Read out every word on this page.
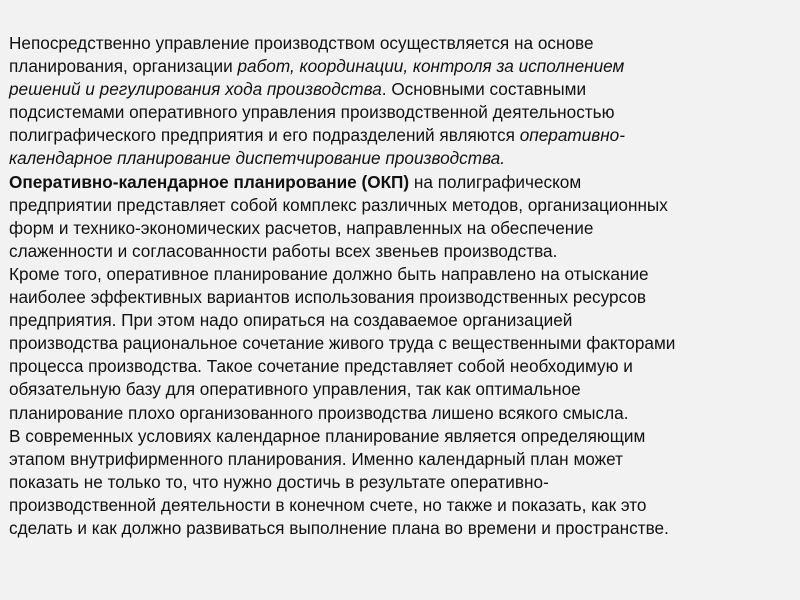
Непосредственно управление производством осуществляется на основе
планирования, организации работ, координации, контроля за исполнением
решений и регулирования хода производства. Основными составными
подсистемами оперативного управления производственной деятельностью
полиграфического предприятия и его подразделений являются оперативно-
календарное планирование диспетчирование производства.
Оперативно-календарное планирование (ОКП) на полиграфическом
предприятии представляет собой комплекс различных методов, организационных
форм и технико-экономических расчетов, направленных на обеспечение
слаженности и согласованности работы всех звеньев производства.
Кроме того, оперативное планирование должно быть направлено на отыскание
наиболее эффективных вариантов использования производственных ресурсов
предприятия. При этом надо опираться на создаваемое организацией
производства рациональное сочетание живого труда с вещественными факторами
процесса производства. Такое сочетание представляет собой необходимую и
обязательную базу для оперативного управления, так как оптимальное
планирование плохо организованного производства лишено всякого смысла.
В современных условиях календарное планирование является определяющим
этапом внутрифирменного планирования. Именно календарный план может
показать не только то, что нужно достичь в результате оперативно-
производственной деятельности в конечном счете, но также и показать, как это
сделать и как должно развиваться выполнение плана во времени и пространстве.
